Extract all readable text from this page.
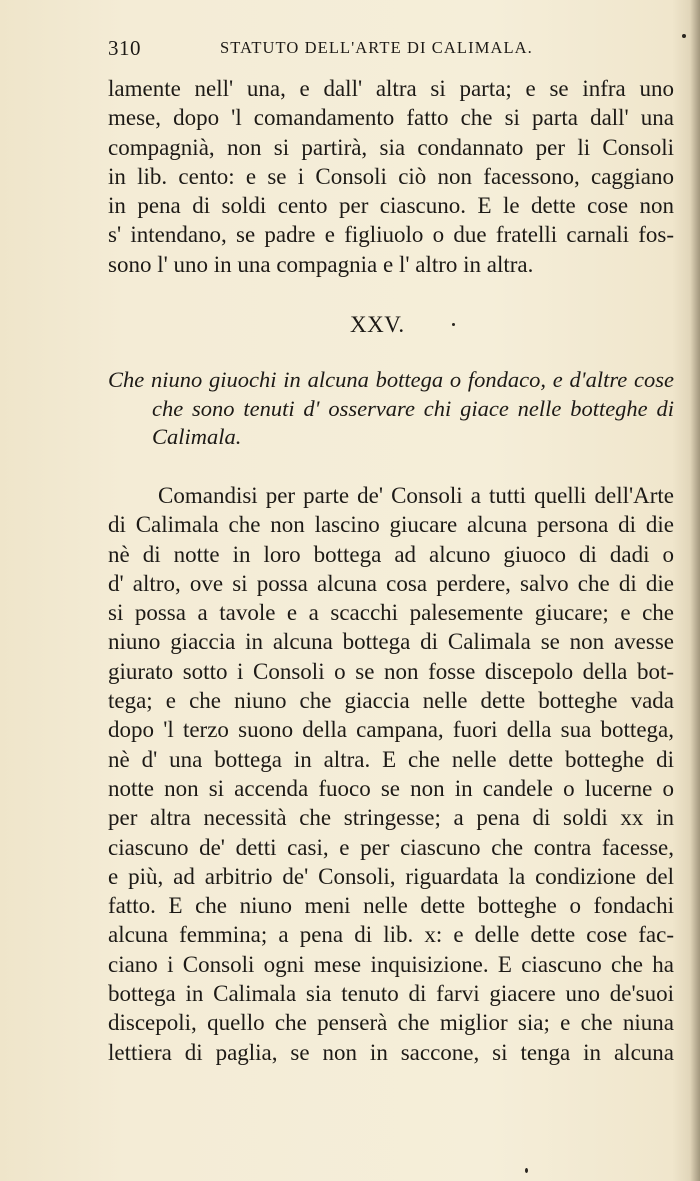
310	STATUTO DELL'ARTE DI CALIMALA.
lamente nell' una, e dall' altra si parta; e se infra uno
mese, dopo 'l comandamento fatto che si parta dall' una
compagnià, non si partirà, sia condannato per li Consoli
in lib. cento: e se i Consoli ciò non facessono, caggiano
in pena di soldi cento per ciascuno. E le dette cose non
s' intendano, se padre e figliuolo o due fratelli carnali fos-
sono l' uno in una compagnia e l' altro in altra.
XXV.
Che niuno giuochi in alcuna bottega o fondaco, e d'altre cose
che sono tenuti d' osservare chi giace nelle botteghe di
Calimala.
Comandisi per parte de' Consoli a tutti quelli dell'Arte
di Calimala che non lascino giucare alcuna persona di die
nè di notte in loro bottega ad alcuno giuoco di dadi o
d' altro, ove si possa alcuna cosa perdere, salvo che di die
si possa a tavole e a scacchi palesemente giucare; e che
niuno giaccia in alcuna bottega di Calimala se non avesse
giurato sotto i Consoli o se non fosse discepolo della bot-
tega; e che niuno che giaccia nelle dette botteghe vada
dopo 'l terzo suono della campana, fuori della sua bottega,
nè d' una bottega in altra. E che nelle dette botteghe di
notte non si accenda fuoco se non in candele o lucerne o
per altra necessità che stringesse; a pena di soldi xx in
ciascuno de' detti casi, e per ciascuno che contra facesse,
e più, ad arbitrio de' Consoli, riguardata la condizione del
fatto. E che niuno meni nelle dette botteghe o fondachi
alcuna femmina; a pena di lib. x: e delle dette cose fac-
ciano i Consoli ogni mese inquisizione. E ciascuno che ha
bottega in Calimala sia tenuto di farvi giacere uno de'suoi
discepoli, quello che penserà che miglior sia; e che niuna
lettiera di paglia, se non in saccone, si tenga in alcuna
